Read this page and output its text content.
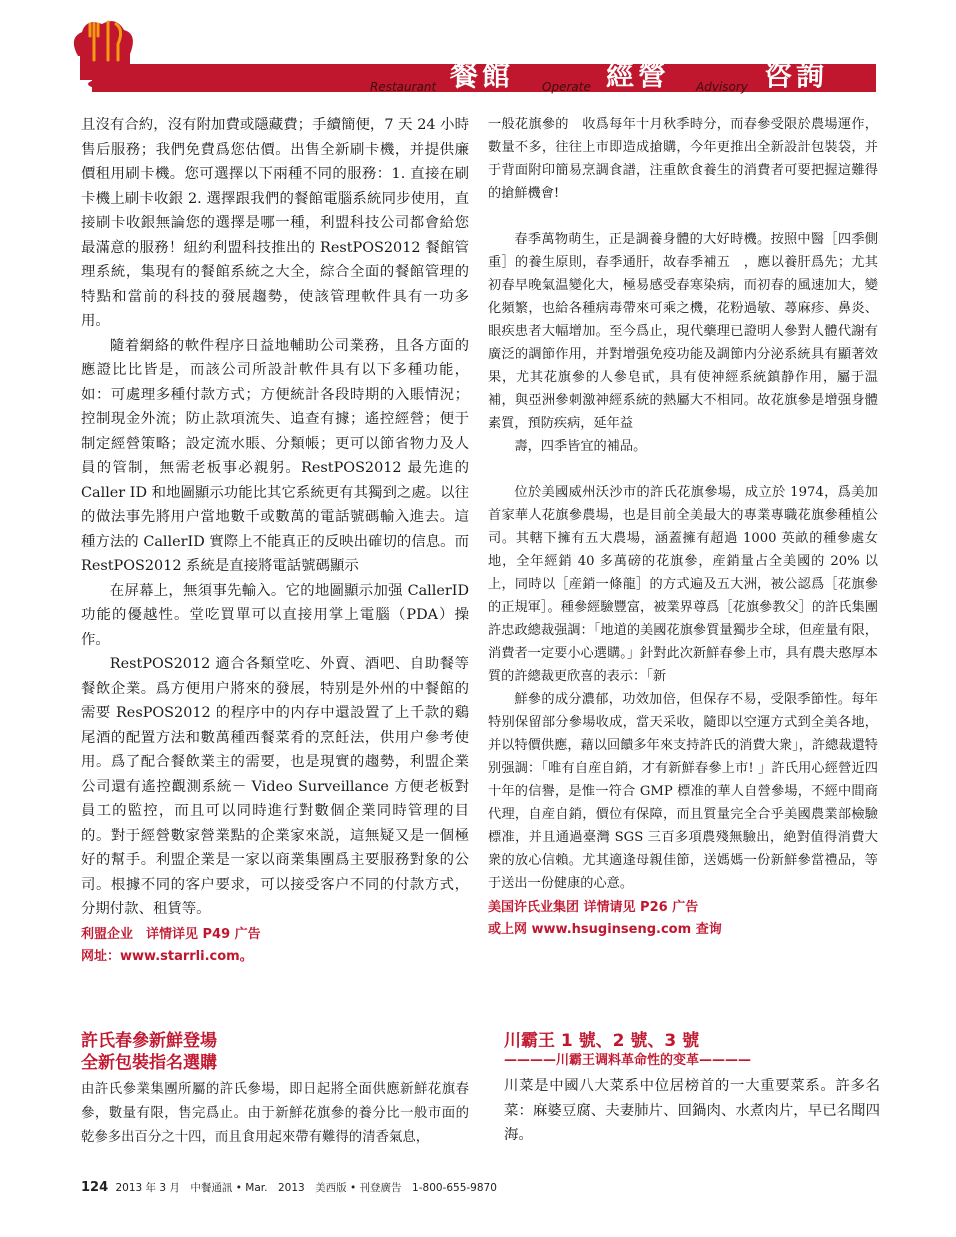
Restaurant 餐館 Operate 經營 Advisory 咨詢

且沒有合約，沒有附加費或隱藏費；手續簡便，7 天 24 小時售后服務；我們免費爲您估價。出售全新刷卡機，并提供廉價租用刷卡機。您可選擇以下兩種不同的服務：1. 直接在刷卡機上刷卡收銀 2. 選擇跟我們的餐館電腦系統同步使用，直接刷卡收銀無論您的選擇是哪一種，利盟科技公司都會給您最滿意的服務！紐約利盟科技推出的 RestPOS2012 餐館管理系統，集現有的餐館系統之大全，綜合全面的餐館管理的特點和當前的科技的發展趨勢，使該管理軟件具有一功多用。

隨着網絡的軟件程序日益地輔助公司業務，且各方面的應證比比皆是，而該公司所設計軟件具有以下多種功能，如：可處理多種付款方式；方便統計各段時期的入賬情況；控制現金外流；防止款項流失、追查有據；遙控經營；便于制定經營策略；設定流水賬、分類帳；更可以節省物力及人員的管制，無需老板事必親躬。RestPOS2012 最先進的 Caller ID 和地圖顯示功能比其它系統更有其獨到之處。以往的做法事先將用户當地數千或數萬的電話號碼輸入進去。這種方法的 CallerID 實際上不能真正的反映出確切的信息。而 RestPOS2012 系統是直接將電話號碼顯示

在屏幕上，無須事先輸入。它的地圖顯示加强 CallerID 功能的優越性。堂吃買單可以直接用掌上電腦（PDA）操作。

RestPOS2012 適合各類堂吃、外賣、酒吧、自助餐等餐飲企業。爲方便用户將來的發展，特别是外州的中餐館的需要 ResPOS2012 的程序中的内存中還設置了上千款的鷄尾酒的配置方法和數萬種西餐菜肴的烹飪法，供用户參考使用。爲了配合餐飲業主的需要，也是現實的趨勢，利盟企業公司還有遙控觀測系統－ Video Surveillance 方便老板對員工的監控，而且可以同時進行對數個企業同時管理的目的。對于經營數家營業點的企業家來説，這無疑又是一個極好的幫手。利盟企業是一家以商業集團爲主要服務對象的公司。根據不同的客户要求，可以接受客户不同的付款方式，分期付款、租賃等。

利盟企业　详情详见 P49 广告
网址：www.starrli.com。

一般花旗參的　收爲每年十月秋季時分，而春參受限於農場運作，數量不多，往往上市即造成搶購，今年更推出全新設計包裝袋，并于背面附印簡易烹調食譜，注重飲食養生的消費者可要把握這難得的搶鮮機會!

春季萬物萌生，正是調養身體的大好時機。按照中醫［四季側重］的養生原則，春季通肝，故春季補五　，應以養肝爲先；尤其初春早晚氣温變化大，極易感受春寒染病，而初春的風速加大，變化頻繁，也給各種病毒帶來可乘之機，花粉過敏、蕁麻疹、鼻炎、眼疾患者大幅增加。至今爲止，現代藥理已證明人參對人體代謝有廣泛的調節作用，并對增强免疫功能及調節内分泌系統具有顯著效果，尤其花旗參的人參皂甙，具有使神經系統鎮静作用，屬于温補，與亞洲參刺激神經系統的熱屬大不相同。故花旗參是增强身體素質，預防疾病，延年益

壽，四季皆宜的補品。

位於美國威州沃沙市的許氏花旗參場，成立於 1974，爲美加首家華人花旗參農場，也是目前全美最大的專業專職花旗參種植公司。其轄下擁有五大農場，涵蓋擁有超過 1000 英畝的種參處女地，全年經銷 40 多萬磅的花旗參，産銷量占全美國的 20% 以上，同時以［産銷一條龍］的方式遍及五大洲，被公認爲［花旗參的正規軍］。種參經驗豐富，被業界尊爲［花旗參教父］的許氏集團許忠政總裁强調：「地道的美國花旗參質量獨步全球，但産量有限，消費者一定要小心選購。」針對此次新鮮春參上市，具有農夫憨厚本質的許總裁更欣喜的表示：「新

鮮參的成分濃郁，功效加倍，但保存不易，受限季節性。每年特别保留部分參場收成，當天采收，隨即以空運方式到全美各地，并以特價供應，藉以回饋多年來支持許氏的消費大衆」，許總裁還特别强調：「唯有自産自銷，才有新鮮春參上市! 」許氏用心經營近四十年的信譽，是惟一符合 GMP 標准的華人自營參場，不經中間商代理，自産自銷，價位有保障，而且質量完全合乎美國農業部檢驗標准，并且通過臺灣 SGS 三百多項農殘無驗出，絶對值得消費大衆的放心信賴。尤其適逢母親佳節，送媽媽一份新鮮參當禮品，等于送出一份健康的心意。

美国许氏业集团 详情请见 P26 广告
或上网 www.hsuginseng.com 查询

許氏春參新鮮登場

全新包裝指名選購

由許氏參業集團所屬的許氏參場，即日起將全面供應新鮮花旗春參，數量有限，售完爲止。由于新鮮花旗參的養分比一般市面的乾參多出百分之十四，而且食用起來帶有難得的清香氣息，

川霸王 1 號、2 號、3 號

————川霸王调料革命性的变革————

川菜是中國八大菜系中位居榜首的一大重要菜系。許多名菜：麻婆豆腐、夫妻肺片、回鍋肉、水煮肉片，早已名聞四海。

124 2013 年 3 月　中餐通訊 • Mar.　2013　美西版 • 刊登廣告　1-800-655-9870
